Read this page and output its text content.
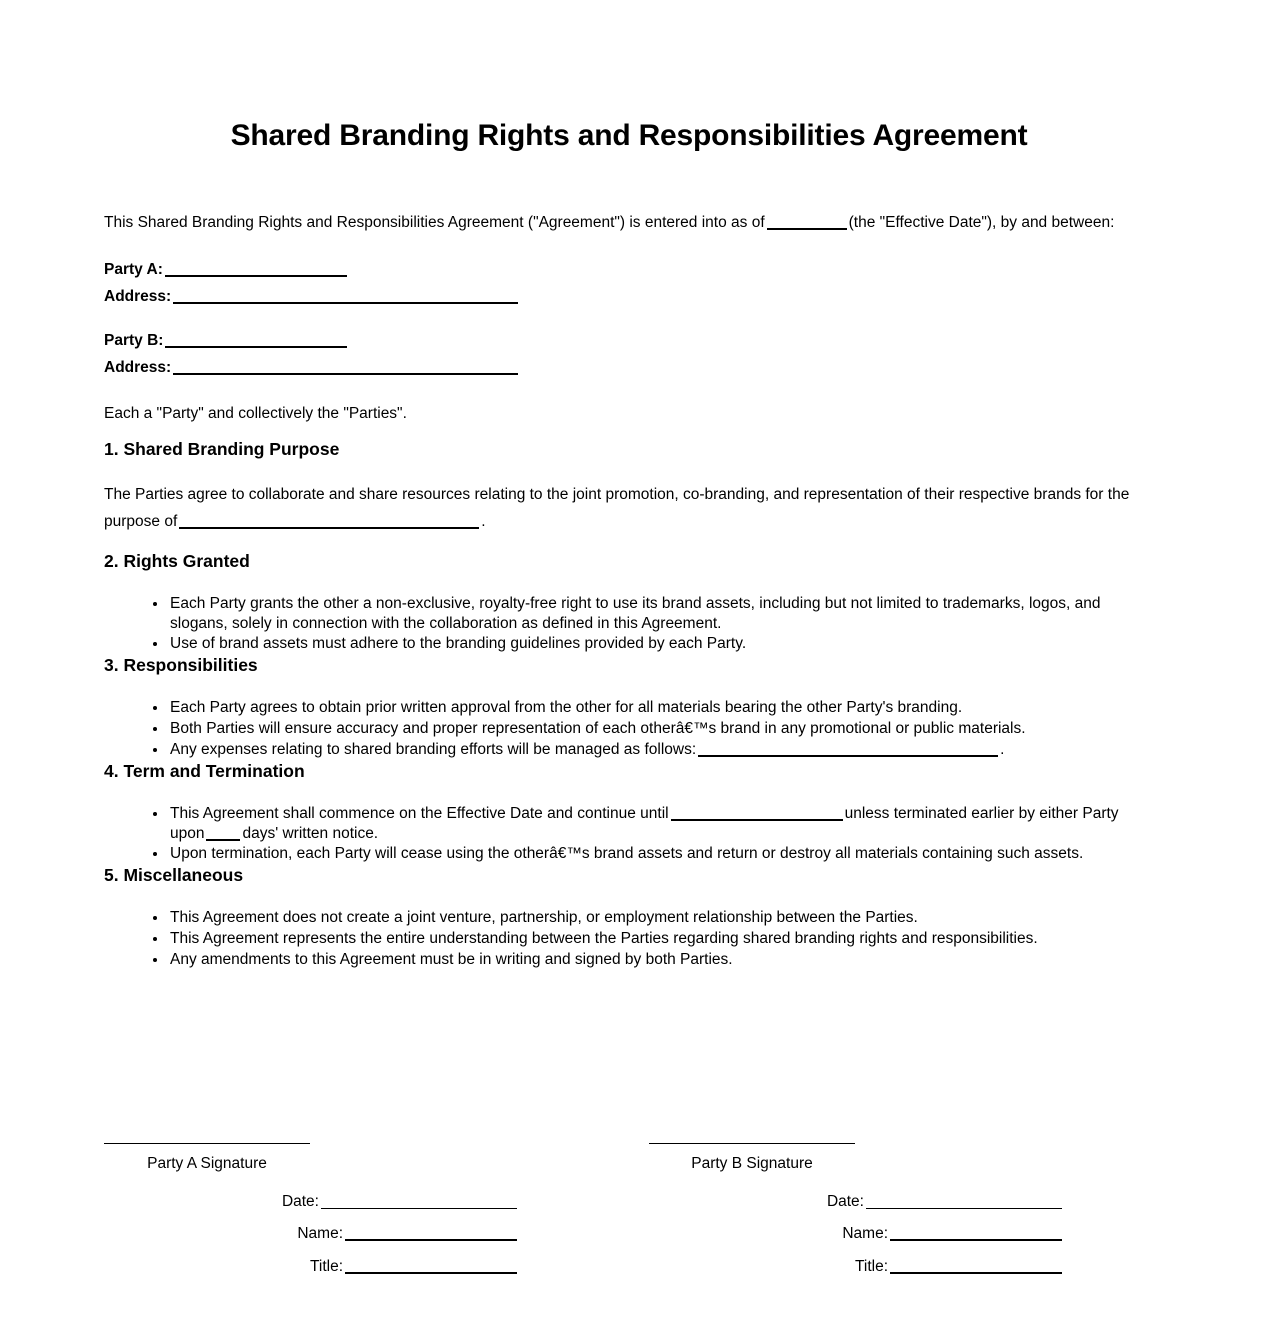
Shared Branding Rights and Responsibilities Agreement

This Shared Branding Rights and Responsibilities Agreement ("Agreement") is entered into as of	(the "Effective Date"), by and between:

Party A:
Address:
Party B:
Address:

Each a "Party" and collectively the "Parties".

1. Shared Branding Purpose

The Parties agree to collaborate and share resources relating to the joint promotion, co-branding, and representation of their respective brands for the purpose of	.

2. Rights Granted
• Each Party grants the other a non-exclusive, royalty-free right to use its brand assets, including but not limited to trademarks, logos, and slogans, solely in connection with the collaboration as defined in this Agreement.
• Use of brand assets must adhere to the branding guidelines provided by each Party.
3. Responsibilities
• Each Party agrees to obtain prior written approval from the other for all materials bearing the other Party's branding.
• Both Parties will ensure accuracy and proper representation of each otherâ€™s brand in any promotional or public materials.
• Any expenses relating to shared branding efforts will be managed as follows:	.
4. Term and Termination
• This Agreement shall commence on the Effective Date and continue until	unless terminated earlier by either Party upon days' written notice.
• Upon termination, each Party will cease using the otherâ€™s brand assets and return or destroy all materials containing such assets.
5. Miscellaneous
• This Agreement does not create a joint venture, partnership, or employment relationship between the Parties.
• This Agreement represents the entire understanding between the Parties regarding shared branding rights and responsibilities.
• Any amendments to this Agreement must be in writing and signed by both Parties.
Party A Signature
Date:
Name:
Title:
Party B Signature
Date:
Name:
Title:
